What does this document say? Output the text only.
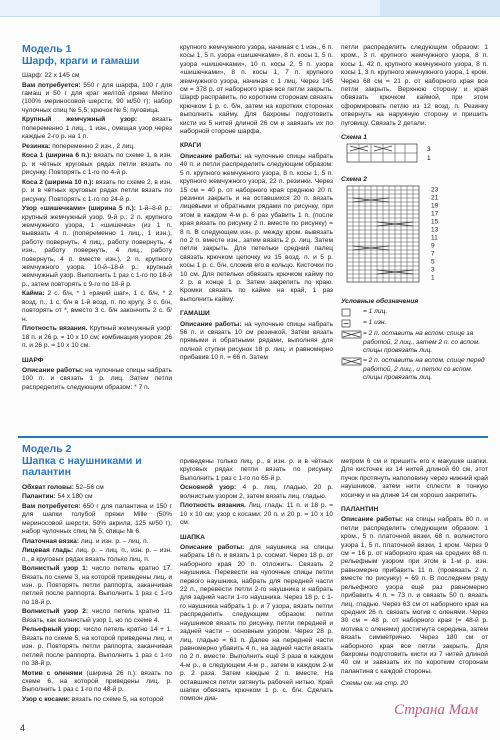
Модель 1
Шарф, краги и гамаши

Шарф: 22 x 145 см

Вам потребуется: 550 г для шарфа, 100 г для гамаш и 50 г для краг желтой пряжи Merino (100% мериносовой шерсти, 90 м/50 г); набор чулочных спиц № 5,5; крючок № 5; пуговица.

Крупный жемчужный узор: вязать попеременно 1 лиц., 1 изн., смещая узор через каждые 2-го р. на 1 п.

Резинка: попеременно 2 изн., 2 лиц.

Коса 1 (ширина 6 п.): вязать по схеме 1, в изн. р. и чётных круговых рядах петли вязать по рисунку. Повторять с 1-го по 4-й р.

Коса 2 (ширина 10 п.): вязать по схеме 2, в изн. р. и в чётных круговых рядах петли вязать по рисунку. Повторять с 1-го по 24-й р.

Узор «шишечками» (ширина 5 п.): 1-й–8-й р.: крупный жемчужный узор. 9-й р.: 2 п. крупного жемчужного узора, 1 «шишечка» (из 1 п. вывязать 4 п. (попеременно 1 лиц., 1 изн.), работу повернуть, 4 лиц., работу повернуть, 4 изн., работу повернуть, 4 лиц., работу повернуть, 4 п. вместе изн.), 2 п. крупного жемчужного узора. 10-й–18-й р.: крупный жемчужный узор. Выполнить 1 раз с 1-го по 18-й р., затем повторять с 9-го по 18-й р.

Кайма: 2 с. б/н, * 1 «рачий шаг», 1 с. б/н, * 2 возд. п., 1 с. б/н в 1-й возд. п. по кругу, 3 с. б/н, повторять от *, вместо 3 с. б/н закончить 2 с. б/н.

Плотность вязания. Крупный жемчужный узор: 18 п. и 26 р. = 10 х 10 см; комбинация узоров: 26 п. и 26 р. = 10 х 10 см.

ШАРФ

Описание работы: на чулочные спицы набрать 100 п. и связать 1 р. лиц. Затем петли распределить следующим образом: * 7 п.

крупного жемчужного узора, начиная с 1 изн., 6 п. косы 1, 5 п. узора «шишечками», 8 п. косы 1, 5 п. узора «шишечками», 10 п. косы 2, 5 п. узора «шишечками», 8 п. косы 1, 7 п. крупного жемчужного узора, начиная с 1 лиц. Через 145 см = 378 р. от наборного края все петли закрыть. Шарф расправить, по коротким сторонам связать крючком 1 р. с. б/н, затем на коротких сторонах выполнить кайму. Для бахромы подготовить кисти из 5 нитей длиной 26 см и завязать их по наборной стороне шарфа.

КРАГИ

Описание работы: на чулочные спицы набрать 40 п. и петли распределить следующим образом: 5 п. крупного жемчужного узора, 8 п. косы 1, 5 п. крупного жемчужного узора, 22 п. резинки. Через 15 см = 40 р. от наборного края среднюю 20 п. резинки закрыть и на оставшихся 20 п. вязать лицевыми и обратными рядами по рисунку, при этом в каждом 4-м р. 6 раз убавить 1 п. (после края вязать по рисунку 2 п. вместе по рисунку) = 8 п. В следующем изн. р. между кром. вывязать по 2 п. вместе изн., затем вязать 2 р. лиц. Затем петли закрыть. Для петельки средний палец связать крючком цепочку из 15 возд. п. и 5 р. косы 1 р. с. б/н, сложив его в кольцо. Кисточки по 10 см. Для петельки обвязать крючком кайму по 2 р. в конце 1 р. Затем закрепить по краю. Кромки связать по кайме на край, 1 раз выполнить кайму.

ГАМАШИ

Описание работы: на чулочные спицы набрать 56 п. и связать 10 см резинкой. Затем вязать прямыми и обратными рядами, выполняя для полной ступни рисунок 18 р. лиц. и равномерно прибавив 10 п. = 66 п. Затем

петли распределить следующим образом: 1 кром., 3 п. крупного жемчужного узора, 8 п. косы 1, 42 п. крупного жемчужного узора, 8 п. косы 1, 3 п. крупного жемчужного узора, 1 кром. Через 68 см = 21 р. от наборного края все петли закрыть. Верхнюю сторону и края обвязать крючком каймой, при этом сформировать петлю из 12 возд. п. Резинку отвернуть на наружную сторону и пришить пуговицу. Связать 2 детали.

Схема 1
3
1
Схема 2
23
21
19
17
15
13
11
9
7
5
3
1
Условные обозначения
= 1 лиц.
= 1 изн.
= 2 п. оставить на вспом. спице за работой, 2 лиц., затем 2 п. со вспом. спицы провязать лиц.
= 2 п. оставить на вспом. спице перед работой, 2 лиц., и петли со вспом. спицы провязать лиц.
Модель 2
Шапка с наушниками и палантин

Обхват головы: 52–56 см

Палантин: 54 х 180 см

Вам потребуется: 650 г для палантина и 150 г для шапки голубой пряжи Mille (50% мериносовой шерсти, 50% акрила, 125 м/50 г); набор чулочных спиц № 5; спицы № 6.

Платочная вязка: лиц. и изн. р. – лиц. п.

Лицевая гладь: лиц. р. – лиц. п., изн. р. – изн. п., в круговых рядах вязать только лиц. п.

Волнистый узор 1: число петель кратно 17. Вязать по схеме 3, на которой приведены лиц. и изн. р. Повторять петли раппорта, заканчивая петлей после раппорта. Выполнить 1 раз с 1-го по 18-й р.

Волнистый узор 2: число петель кратно 11. Вязать, как волнистый узор 1, но по схеме 4.

Рельефный узор: число петель кратно 14 + 1. Вязать по схеме 5, на которой приведены лиц. и изн. р. Повторять петли раппорта, заканчивая петлей после раппорта. Выполнить 1 раз с 1-го по 38-й р.

Мотив с оленями (ширина 26 п.): вязать по схеме 6, на которой приведены лиц. р. Выполнить 1 раз с 1-го по 48-й р.

Узор с косами: вязать по схеме 5, на которой

приведены только лиц. р., в изн. р. и в чётных круговых рядах петли вязать по рисунку. Выполнить 1 раз с 1-го по 65-й р.

Основной узор: 4 р. лиц. гладью, 20 р. волнистым узором 2, затем вязать лиц. гладью.

Плотность вязания. Лиц. гладь: 11 п. и 18 р. = 10 х 10 см; узор с косами: 20 п. и 20 р. = 10 х 10 см.

ШАПКА

Описание работы: для наушника на спицы набрать 16 п. и вязать 1 р. сосмат. Через 18 р. от наборного края 20 п. отложить. Связать 2 наушника. Перевести на чулочные спицы петли первого наушника, набрать для передней части 22 п., перевести петли 2-го наушника и набрать для задней части 1-го наушника. Через 18 р. с 1-го наушника набрать 1 р. и 7 узора, вязать петли распределить следующим образом: петли наушников вязать по рисунку, петли передней и задней части – основным узором. Через 28 р. лиц. гладью = 61 п. Далее на передней части равномерно убавить 4 п., на задней части вязать по 2 п. вместе. Выполнить ещё 3 раза в каждом 4-м р., в следующем 4-м р., затем в каждом 2-м р. 2 раза. Затем каждые 2 п. вместе. На оставшиеся петли затянуть рабочей нитью. Край шапки обвязать крючком 1 р. с. б/н. Сделать помпон диа-

метром 6 см и пришить его к макушке шапки. Для кисточек из 14 нитей длиной 60 см, этот пучок протянуть наполовину через нижний край наушников, затем нити сплести в тонкую косичку и на длине 14 см хорошо закрепить.

ПАЛАНТИН

Описание работы: на спицы набрать 80 п. и петли распределить следующим образом: 1 кром., 5 п. платочной вязки, 68 п. волнистого узора 1, 5 п. платочной вязки, 1 кром. Через 9 см = 16 р. от наборного края на средних 68 п. рельефным узором при этом в 1-м р. изн. равномерно прибавить 11 п. (провязать 2 п. вместе по рисунку) = 69 п. В последнем ряду рельефного узора ещё раз равномерно прибавить 4 п. = 73 п. и связать 50 п. вязать лиц. гладью. Через 63 см от наборного края на средних 26 п. связать мотив с оленями. Через 30 см = 48 р. от наборного края (= 48-й р. мотива с оленями) достигнута середина, затем вязать симметрично. Через 180 см от наборного края все петли закрыть. Для бахромы подготовить кисти из 7 нитей длиной 40 см и завязать их по коротким сторонам палантина с каждой стороны.

Схемы см. на стр. 20

4
Страна Мам
